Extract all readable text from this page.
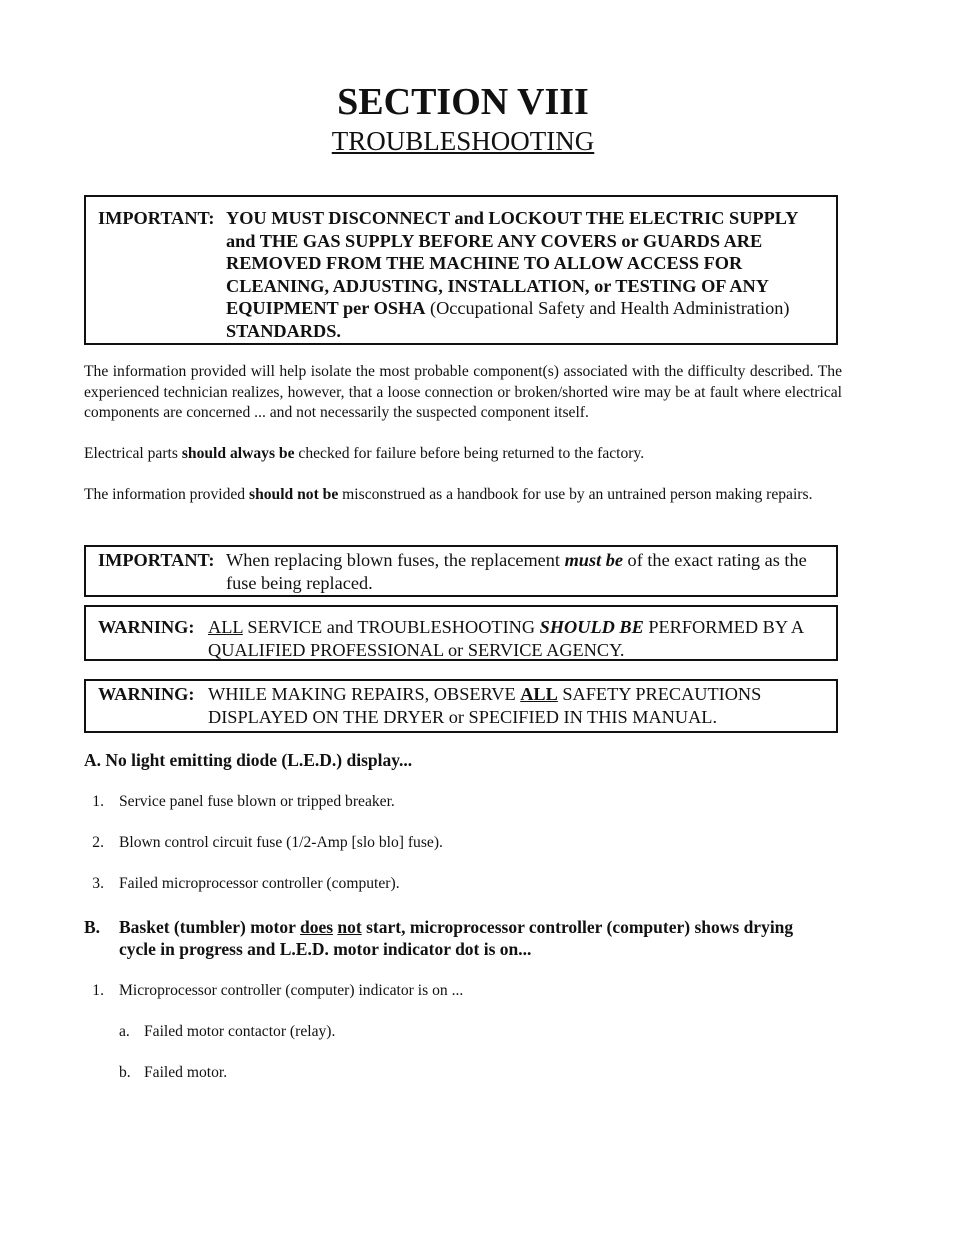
SECTION VIII
TROUBLESHOOTING
IMPORTANT: YOU MUST DISCONNECT and LOCKOUT THE ELECTRIC SUPPLY
and THE GAS SUPPLY BEFORE ANY COVERS or GUARDS ARE
REMOVED FROM THE MACHINE TO ALLOW ACCESS FOR
CLEANING, ADJUSTING, INSTALLATION, or TESTING OF ANY
EQUIPMENT per OSHA (Occupational Safety and Health Administration)
STANDARDS.
The information provided will help isolate the most probable component(s) associated with the difficulty described. The experienced technician realizes, however, that a loose connection or broken/shorted wire may be at fault where electrical components are concerned ... and not necessarily the suspected component itself.
Electrical parts should always be checked for failure before being returned to the factory.
The information provided should not be misconstrued as a handbook for use by an untrained person making repairs.
IMPORTANT: When replacing blown fuses, the replacement must be of the exact rating as the
fuse being replaced.
WARNING: ALL SERVICE and TROUBLESHOOTING SHOULD BE PERFORMED BY A
QUALIFIED PROFESSIONAL or SERVICE AGENCY.
WARNING: WHILE MAKING REPAIRS, OBSERVE ALL SAFETY PRECAUTIONS
DISPLAYED ON THE DRYER or SPECIFIED IN THIS MANUAL.
A. No light emitting diode (L.E.D.) display...
1. Service panel fuse blown or tripped breaker.
2. Blown control circuit fuse (1/2-Amp [slo blo] fuse).
3. Failed microprocessor controller (computer).
B. Basket (tumbler) motor does not start, microprocessor controller (computer) shows drying
cycle in progress and L.E.D. motor indicator dot is on...
1. Microprocessor controller (computer) indicator is on ...
a. Failed motor contactor (relay).
b. Failed motor.
